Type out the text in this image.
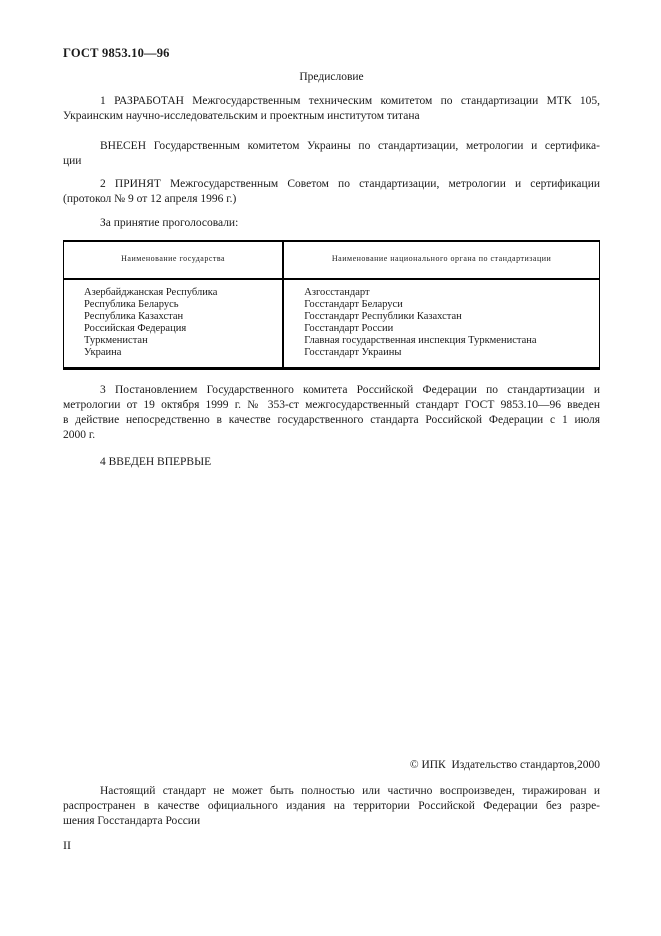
ГОСТ 9853.10—96
Предисловие
1 РАЗРАБОТАН Межгосударственным техническим комитетом по стандартизации МТК 105,
Украинским научно-исследовательским и проектным институтом титана
ВНЕСЕН Государственным комитетом Украины по стандартизации, метрологии и сертифика-
ции
2 ПРИНЯТ Межгосударственным Советом по стандартизации, метрологии и сертификации
(протокол № 9 от 12 апреля 1996 г.)
За принятие проголосовали:
Наименование государства	Наименование национального органа по стандартизации
Азербайджанская Республика	Азгосстандарт
Республика Беларусь	Госстандарт Беларуси
Республика Казахстан	Госстандарт Республики Казахстан
Российская Федерация	Госстандарт России
Туркменистан	Главная государственная инспекция Туркменистана
Украина	Госстандарт Украины
3 Постановлением Государственного комитета Российской Федерации по стандартизации и
метрологии от 19 октября 1999 г. № 353-ст межгосударственный стандарт ГОСТ 9853.10—96 введен
в действие непосредственно в качестве государственного стандарта Российской Федерации с 1 июля
2000 г.
4 ВВЕДЕН ВПЕРВЫЕ
© ИПК  Издательство стандартов,2000
Настоящий стандарт не может быть полностью или частично воспроизведен, тиражирован и
распространен в качестве официального издания на территории Российской Федерации без разре-
шения Госстандарта России
II
